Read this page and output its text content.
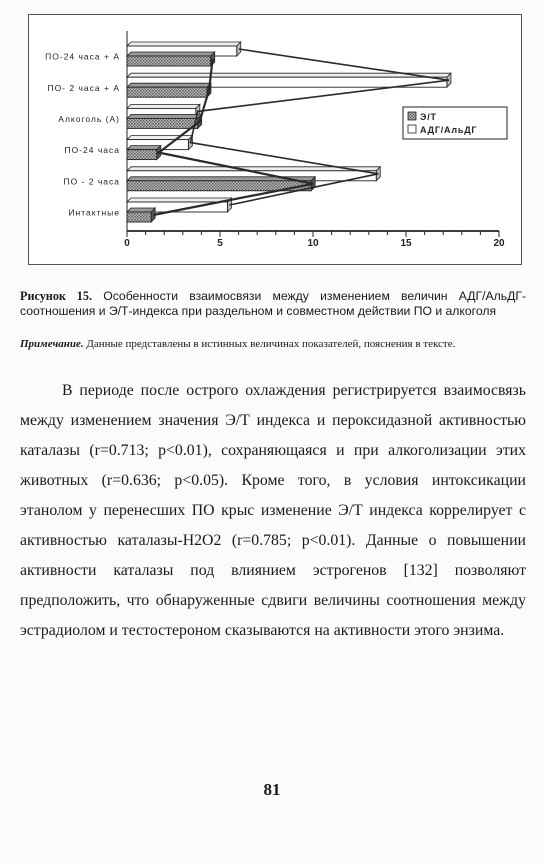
ПО-24 часа + А
ПО- 2 часа + А
Алкоголь (А)
ПО-24 часа
ПО - 2 часа
Интактные
0	5	10	15	20
Э/Т
АДГ/АльДГ
Рисунок 15. Особенности взаимосвязи между изменением величин АДГ/АльДГ-соотношения и Э/Т-индекса при раздельном и совместном действии ПО и алкоголя
Примечание. Данные представлены в истинных величинах показателей, пояснения в тексте.
В периоде после острого охлаждения регистрируется взаимосвязь между изменением значения Э/Т индекса и пероксидазной активностью каталазы (r=0.713; p<0.01), сохраняющаяся и при алкоголизации этих животных (r=0.636; p<0.05). Кроме того, в условия интоксикации этанолом у перенесших ПО крыс изменение Э/Т индекса коррелирует с активностью каталазы-H2O2 (r=0.785; p<0.01). Данные о повышении активности каталазы под влиянием эстрогенов [132] позволяют предположить, что обнаруженные сдвиги величины соотношения между эстрадиолом и тестостероном сказываются на активности этого энзима.
81
